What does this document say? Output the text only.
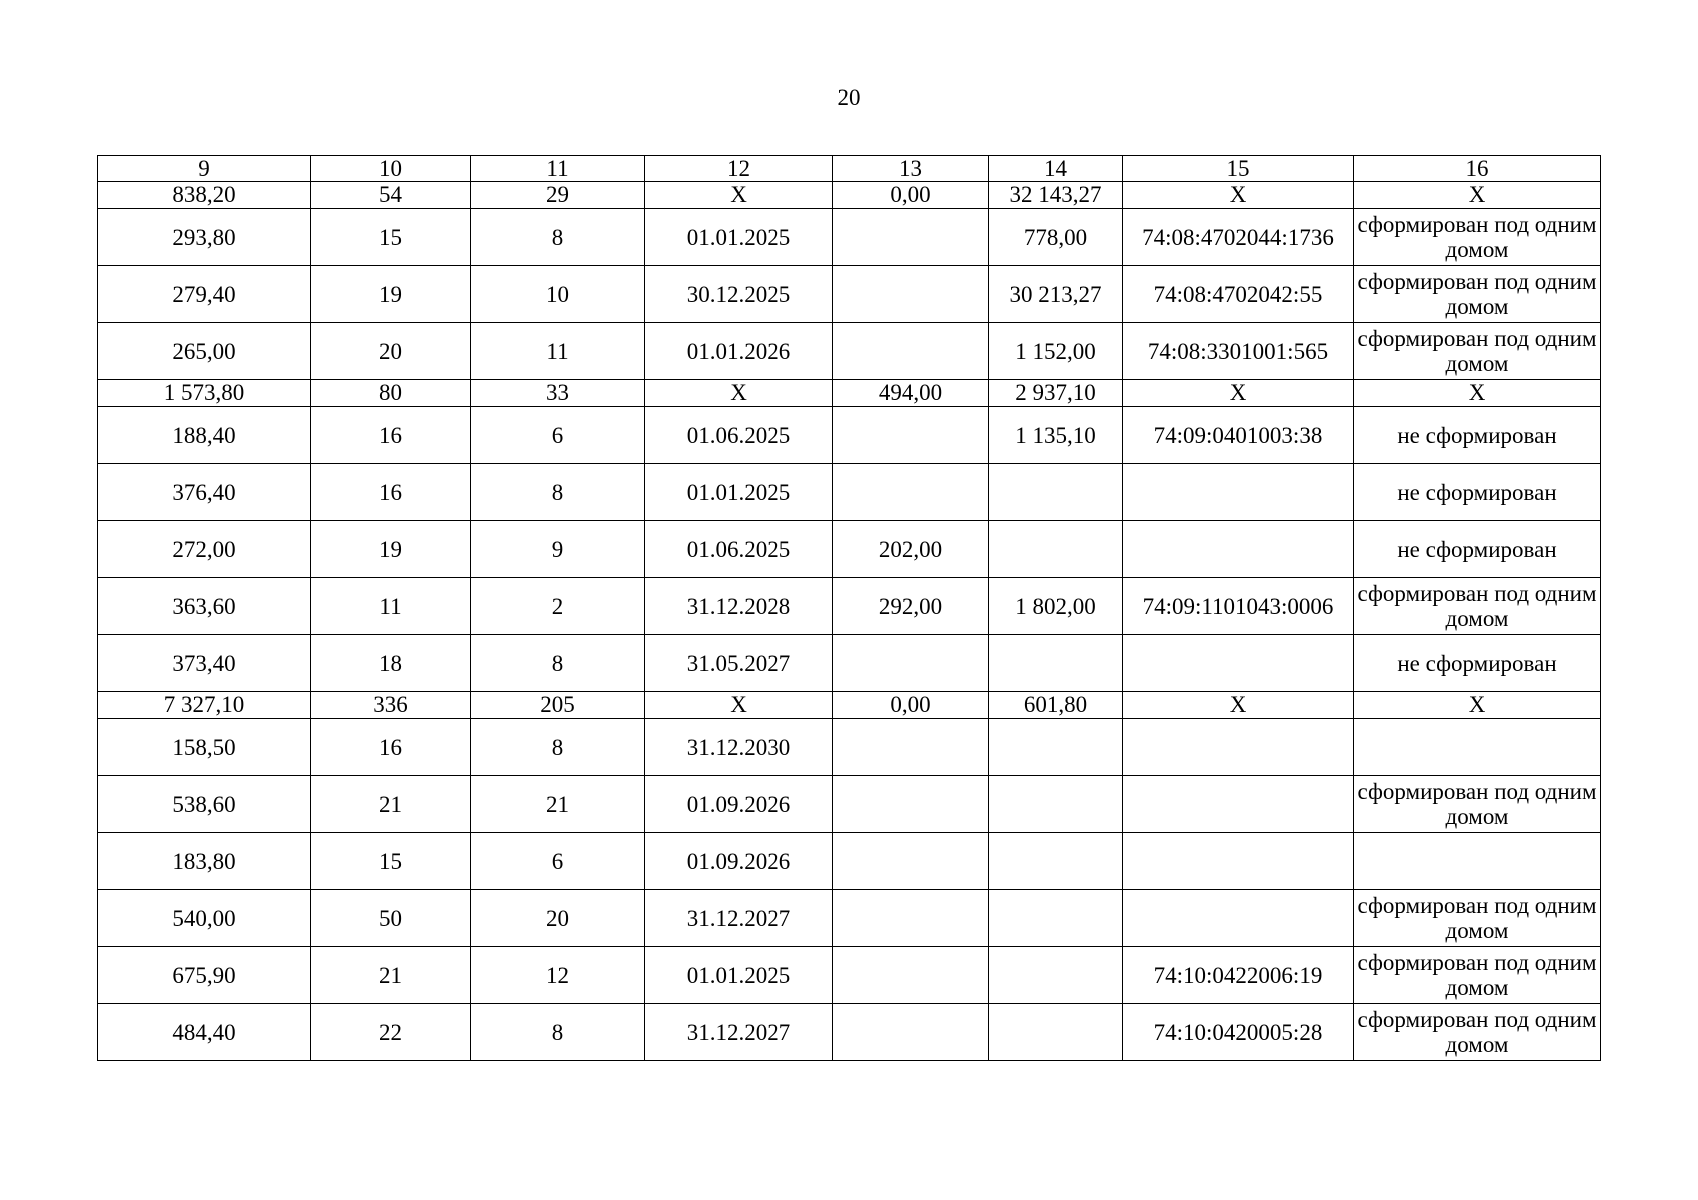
20
9	10	11	12	13	14	15	16
838,20	54	29	Х	0,00	32 143,27	Х	Х
293,80	15	8	01.01.2025		778,00	74:08:4702044:1736	сформирован под одним домом
279,40	19	10	30.12.2025		30 213,27	74:08:4702042:55	сформирован под одним домом
265,00	20	11	01.01.2026		1 152,00	74:08:3301001:565	сформирован под одним домом
1 573,80	80	33	Х	494,00	2 937,10	Х	Х
188,40	16	6	01.06.2025		1 135,10	74:09:0401003:38	не сформирован
376,40	16	8	01.01.2025				не сформирован
272,00	19	9	01.06.2025	202,00			не сформирован
363,60	11	2	31.12.2028	292,00	1 802,00	74:09:1101043:0006	сформирован под одним домом
373,40	18	8	31.05.2027				не сформирован
7 327,10	336	205	Х	0,00	601,80	Х	Х
158,50	16	8	31.12.2030				
538,60	21	21	01.09.2026				сформирован под одним домом
183,80	15	6	01.09.2026				
540,00	50	20	31.12.2027				сформирован под одним домом
675,90	21	12	01.01.2025			74:10:0422006:19	сформирован под одним домом
484,40	22	8	31.12.2027			74:10:0420005:28	сформирован под одним домом
